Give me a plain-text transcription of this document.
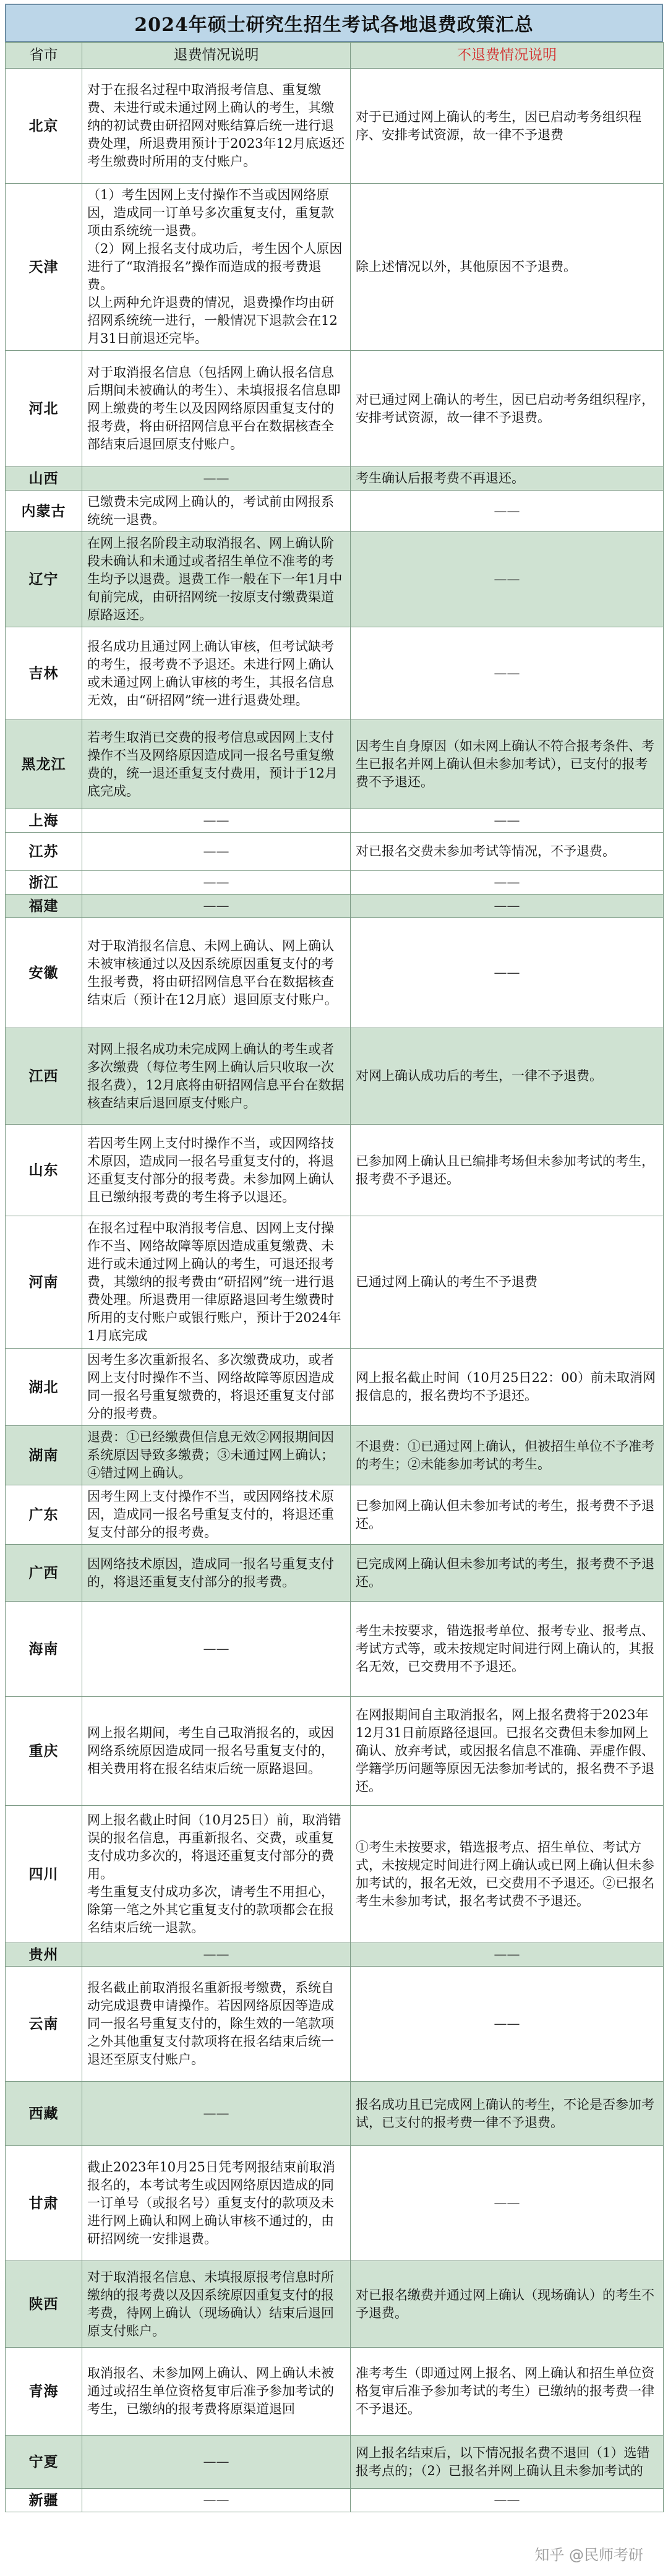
2024年硕士研究生招生考试各地退费政策汇总
省市	退费情况说明	不退费情况说明
北京	对于在报名过程中取消报考信息、重复缴费、未进行或未通过网上确认的考生，其缴纳的初试费由研招网对账结算后统一进行退费处理，所退费用预计于2023年12月底返还考生缴费时所用的支付账户。	对于已通过网上确认的考生，因已启动考务组织程序、安排考试资源，故一律不予退费
天津	（1）考生因网上支付操作不当或因网络原因，造成同一订单号多次重复支付，重复款项由系统统一退费。
（2）网上报名支付成功后，考生因个人原因进行了“取消报名”操作而造成的报考费退费。
以上两种允许退费的情况，退费操作均由研招网系统统一进行，一般情况下退款会在12月31日前退还完毕。	除上述情况以外，其他原因不予退费。
河北	对于取消报名信息（包括网上确认报名信息后期间未被确认的考生）、未填报报名信息即网上缴费的考生以及因网络原因重复支付的报考费，将由研招网信息平台在数据核查全部结束后退回原支付账户。	对已通过网上确认的考生，因已启动考务组织程序，安排考试资源，故一律不予退费。
山西	——	考生确认后报考费不再退还。
内蒙古	已缴费未完成网上确认的，考试前由网报系统统一退费。	——
辽宁	在网上报名阶段主动取消报名、网上确认阶段未确认和未通过或者招生单位不准考的考生均予以退费。退费工作一般在下一年1月中旬前完成，由研招网统一按原支付缴费渠道原路返还。	——
吉林	报名成功且通过网上确认审核，但考试缺考的考生，报考费不予退还。未进行网上确认或未通过网上确认审核的考生，其报名信息无效，由“研招网”统一进行退费处理。	——
黑龙江	若考生取消已交费的报考信息或因网上支付操作不当及网络原因造成同一报名号重复缴费的，统一退还重复支付费用，预计于12月底完成。	因考生自身原因（如未网上确认不符合报考条件、考生已报名并网上确认但未参加考试），已支付的报考费不予退还。
上海	——	——
江苏	——	对已报名交费未参加考试等情况，不予退费。
浙江	——	——
福建	——	——
安徽	对于取消报名信息、未网上确认、网上确认未被审核通过以及因系统原因重复支付的考生报考费，将由研招网信息平台在数据核查结束后（预计在12月底）退回原支付账户。	——
江西	对网上报名成功未完成网上确认的考生或者多次缴费（每位考生网上确认后只收取一次报名费），12月底将由研招网信息平台在数据核查结束后退回原支付账户。	对网上确认成功后的考生，一律不予退费。
山东	若因考生网上支付时操作不当，或因网络技术原因，造成同一报名号重复支付的，将退还重复支付部分的报考费。未参加网上确认且已缴纳报考费的考生将予以退还。	已参加网上确认且已编排考场但未参加考试的考生，报考费不予退还。
河南	在报名过程中取消报考信息、因网上支付操作不当、网络故障等原因造成重复缴费、未进行或未通过网上确认的考生，可退还报考费，其缴纳的报考费由“研招网”统一进行退费处理。所退费用一律原路退回考生缴费时所用的支付账户或银行账户，预计于2024年1月底完成	已通过网上确认的考生不予退费
湖北	因考生多次重新报名、多次缴费成功，或者网上支付时操作不当、网络故障等原因造成同一报名号重复缴费的，将退还重复支付部分的报考费。	网上报名截止时间（10月25日22：00）前未取消网报信息的，报名费均不予退还。
湖南	退费：①已经缴费但信息无效②网报期间因系统原因导致多缴费；③未通过网上确认；④错过网上确认。	不退费：①已通过网上确认，但被招生单位不予准考的考生；②未能参加考试的考生。
广东	因考生网上支付操作不当，或因网络技术原因，造成同一报名号重复支付的，将退还重复支付部分的报考费。	已参加网上确认但未参加考试的考生，报考费不予退还。
广西	因网络技术原因，造成同一报名号重复支付的，将退还重复支付部分的报考费。	已完成网上确认但未参加考试的考生，报考费不予退还。
海南	——	考生未按要求，错选报考单位、报考专业、报考点、考试方式等，或未按规定时间进行网上确认的，其报名无效，已交费用不予退还。
重庆	网上报名期间，考生自己取消报名的，或因网络系统原因造成同一报名号重复支付的，相关费用将在报名结束后统一原路退回。	在网报期间自主取消报名，网上报名费将于2023年12月31日前原路径退回。已报名交费但未参加网上确认、放弃考试，或因报名信息不准确、弄虚作假、学籍学历问题等原因无法参加考试的，报名费不予退还。
四川	网上报名截止时间（10月25日）前，取消错误的报名信息，再重新报名、交费，或重复支付成功多次的，将退还重复支付部分的费用。
考生重复支付成功多次，请考生不用担心，除第一笔之外其它重复支付的款项都会在报名结束后统一退款。	①考生未按要求，错选报考点、招生单位、考试方式，未按规定时间进行网上确认或已网上确认但未参加考试的，报名无效，已交费用不予退还。②已报名考生未参加考试，报名考试费不予退还。
贵州	——	——
云南	报名截止前取消报名重新报考缴费，系统自动完成退费申请操作。若因网络原因等造成同一报名号重复支付的，除生效的一笔款项之外其他重复支付款项将在报名结束后统一退还至原支付账户。	——
西藏	——	报名成功且已完成网上确认的考生，不论是否参加考试，已支付的报考费一律不予退费。
甘肃	截止2023年10月25日凭考网报结束前取消报名的，本考试考生或因网络原因造成的同一订单号（或报名号）重复支付的款项及未进行网上确认和网上确认审核不通过的，由研招网统一安排退费。	——
陕西	对于取消报名信息、未填报原报考信息时所缴纳的报考费以及因系统原因重复支付的报考费，待网上确认（现场确认）结束后退回原支付账户。	对已报名缴费并通过网上确认（现场确认）的考生不予退费。
青海	取消报名、未参加网上确认、网上确认未被通过或招生单位资格复审后准予参加考试的考生，已缴纳的报考费将原渠道退回	准考考生（即通过网上报名、网上确认和招生单位资格复审后准予参加考试的考生）已缴纳的报考费一律不予退还。
宁夏	——	网上报名结束后，以下情况报名费不退回（1）选错报考点的；（2）已报名并网上确认且未参加考试的
新疆	——	——
知乎 @民师考研
